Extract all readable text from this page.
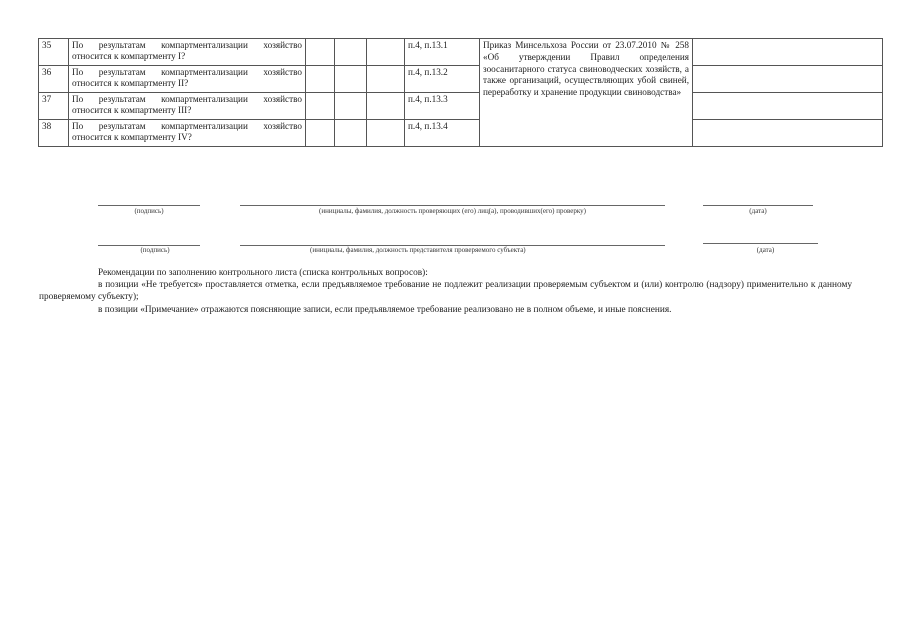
35	По результатам компартментализации хозяйство относится к компартменту I?				п.4, п.13.1	Приказ Минсельхоза России от 23.07.2010 № 258 «Об утверждении Правил определения зоосанитарного статуса свиноводческих хозяйств, а также организаций, осуществляющих убой свиней, переработку и хранение продукции свиноводства»	
36	По результатам компартментализации хозяйство относится к компартменту II?				п.4, п.13.2		
37	По результатам компартментализации хозяйство относится к компартменту III?				п.4, п.13.3		
38	По результатам компартментализации хозяйство относится к компартменту IV?				п.4, п.13.4		
(подпись)	(инициалы, фамилия, должность проверяющих (его) лиц(а), проводивших(его) проверку)	(дата)
(подпись)	(инициалы, фамилия, должность представителя проверяемого субъекта)	(дата)

Рекомендации по заполнению контрольного листа (списка контрольных вопросов):

в позиции «Не требуется» проставляется отметка, если предъявляемое требование не подлежит реализации проверяемым субъектом и (или) контролю (надзору) применительно к данному проверяемому субъекту);

в позиции «Примечание» отражаются поясняющие записи, если предъявляемое требование реализовано не в полном объеме, и иные пояснения.
